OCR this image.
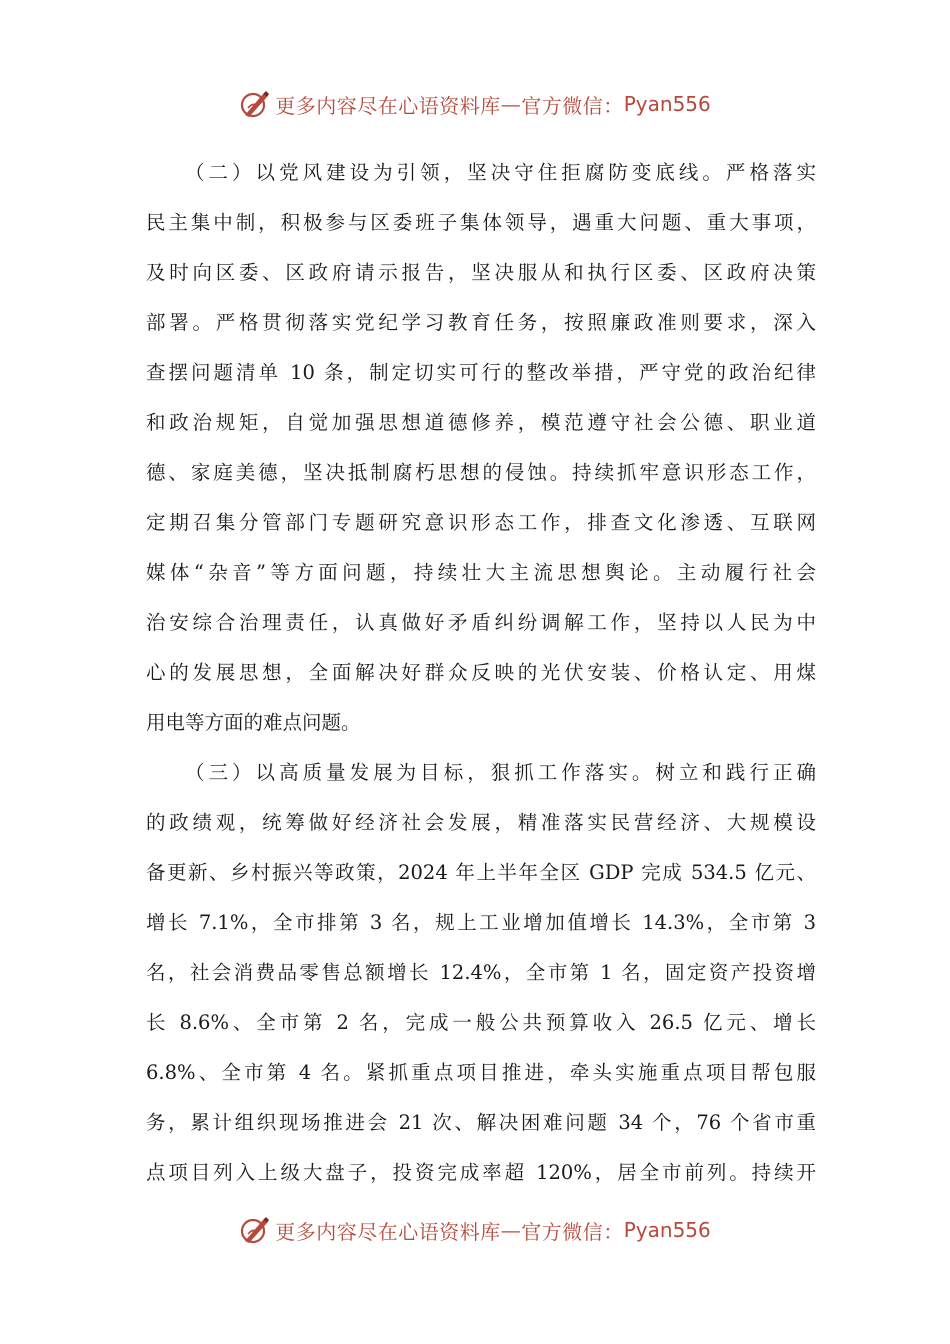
更多内容尽在心语资料库 — 官方微信： Pyan556
（二）以党风建设为引领，坚决守住拒腐防变底线。严格落实
民主集中制，积极参与区委班子集体领导，遇重大问题、重大事项，
及时向区委、区政府请示报告，坚决服从和执行区委、区政府决策
部署。严格贯彻落实党纪学习教育任务，按照廉政准则要求，深入
查摆问题清单 10 条，制定切实可行的整改举措，严守党的政治纪律
和政治规矩，自觉加强思想道德修养，模范遵守社会公德、职业道
德、家庭美德，坚决抵制腐朽思想的侵蚀。持续抓牢意识形态工作，
定期召集分管部门专题研究意识形态工作，排查文化渗透、互联网
媒体“杂音”等方面问题，持续壮大主流思想舆论。主动履行社会
治安综合治理责任，认真做好矛盾纠纷调解工作，坚持以人民为中
心的发展思想，全面解决好群众反映的光伏安装、价格认定、用煤
用电等方面的难点问题。
（三）以高质量发展为目标，狠抓工作落实。树立和践行正确
的政绩观，统筹做好经济社会发展，精准落实民营经济、大规模设
备更新、乡村振兴等政策，2024 年上半年全区 GDP 完成 534.5 亿元、
增长 7.1%，全市排第 3 名，规上工业增加值增长 14.3%，全市第 3
名，社会消费品零售总额增长 12.4%，全市第 1 名，固定资产投资增
长 8.6%、全市第 2 名，完成一般公共预算收入 26.5 亿元、增长
6.8%、全市第 4 名。紧抓重点项目推进，牵头实施重点项目帮包服
务，累计组织现场推进会 21 次、解决困难问题 34 个，76 个省市重
点项目列入上级大盘子，投资完成率超 120%，居全市前列。持续开
更多内容尽在心语资料库 — 官方微信： Pyan556
